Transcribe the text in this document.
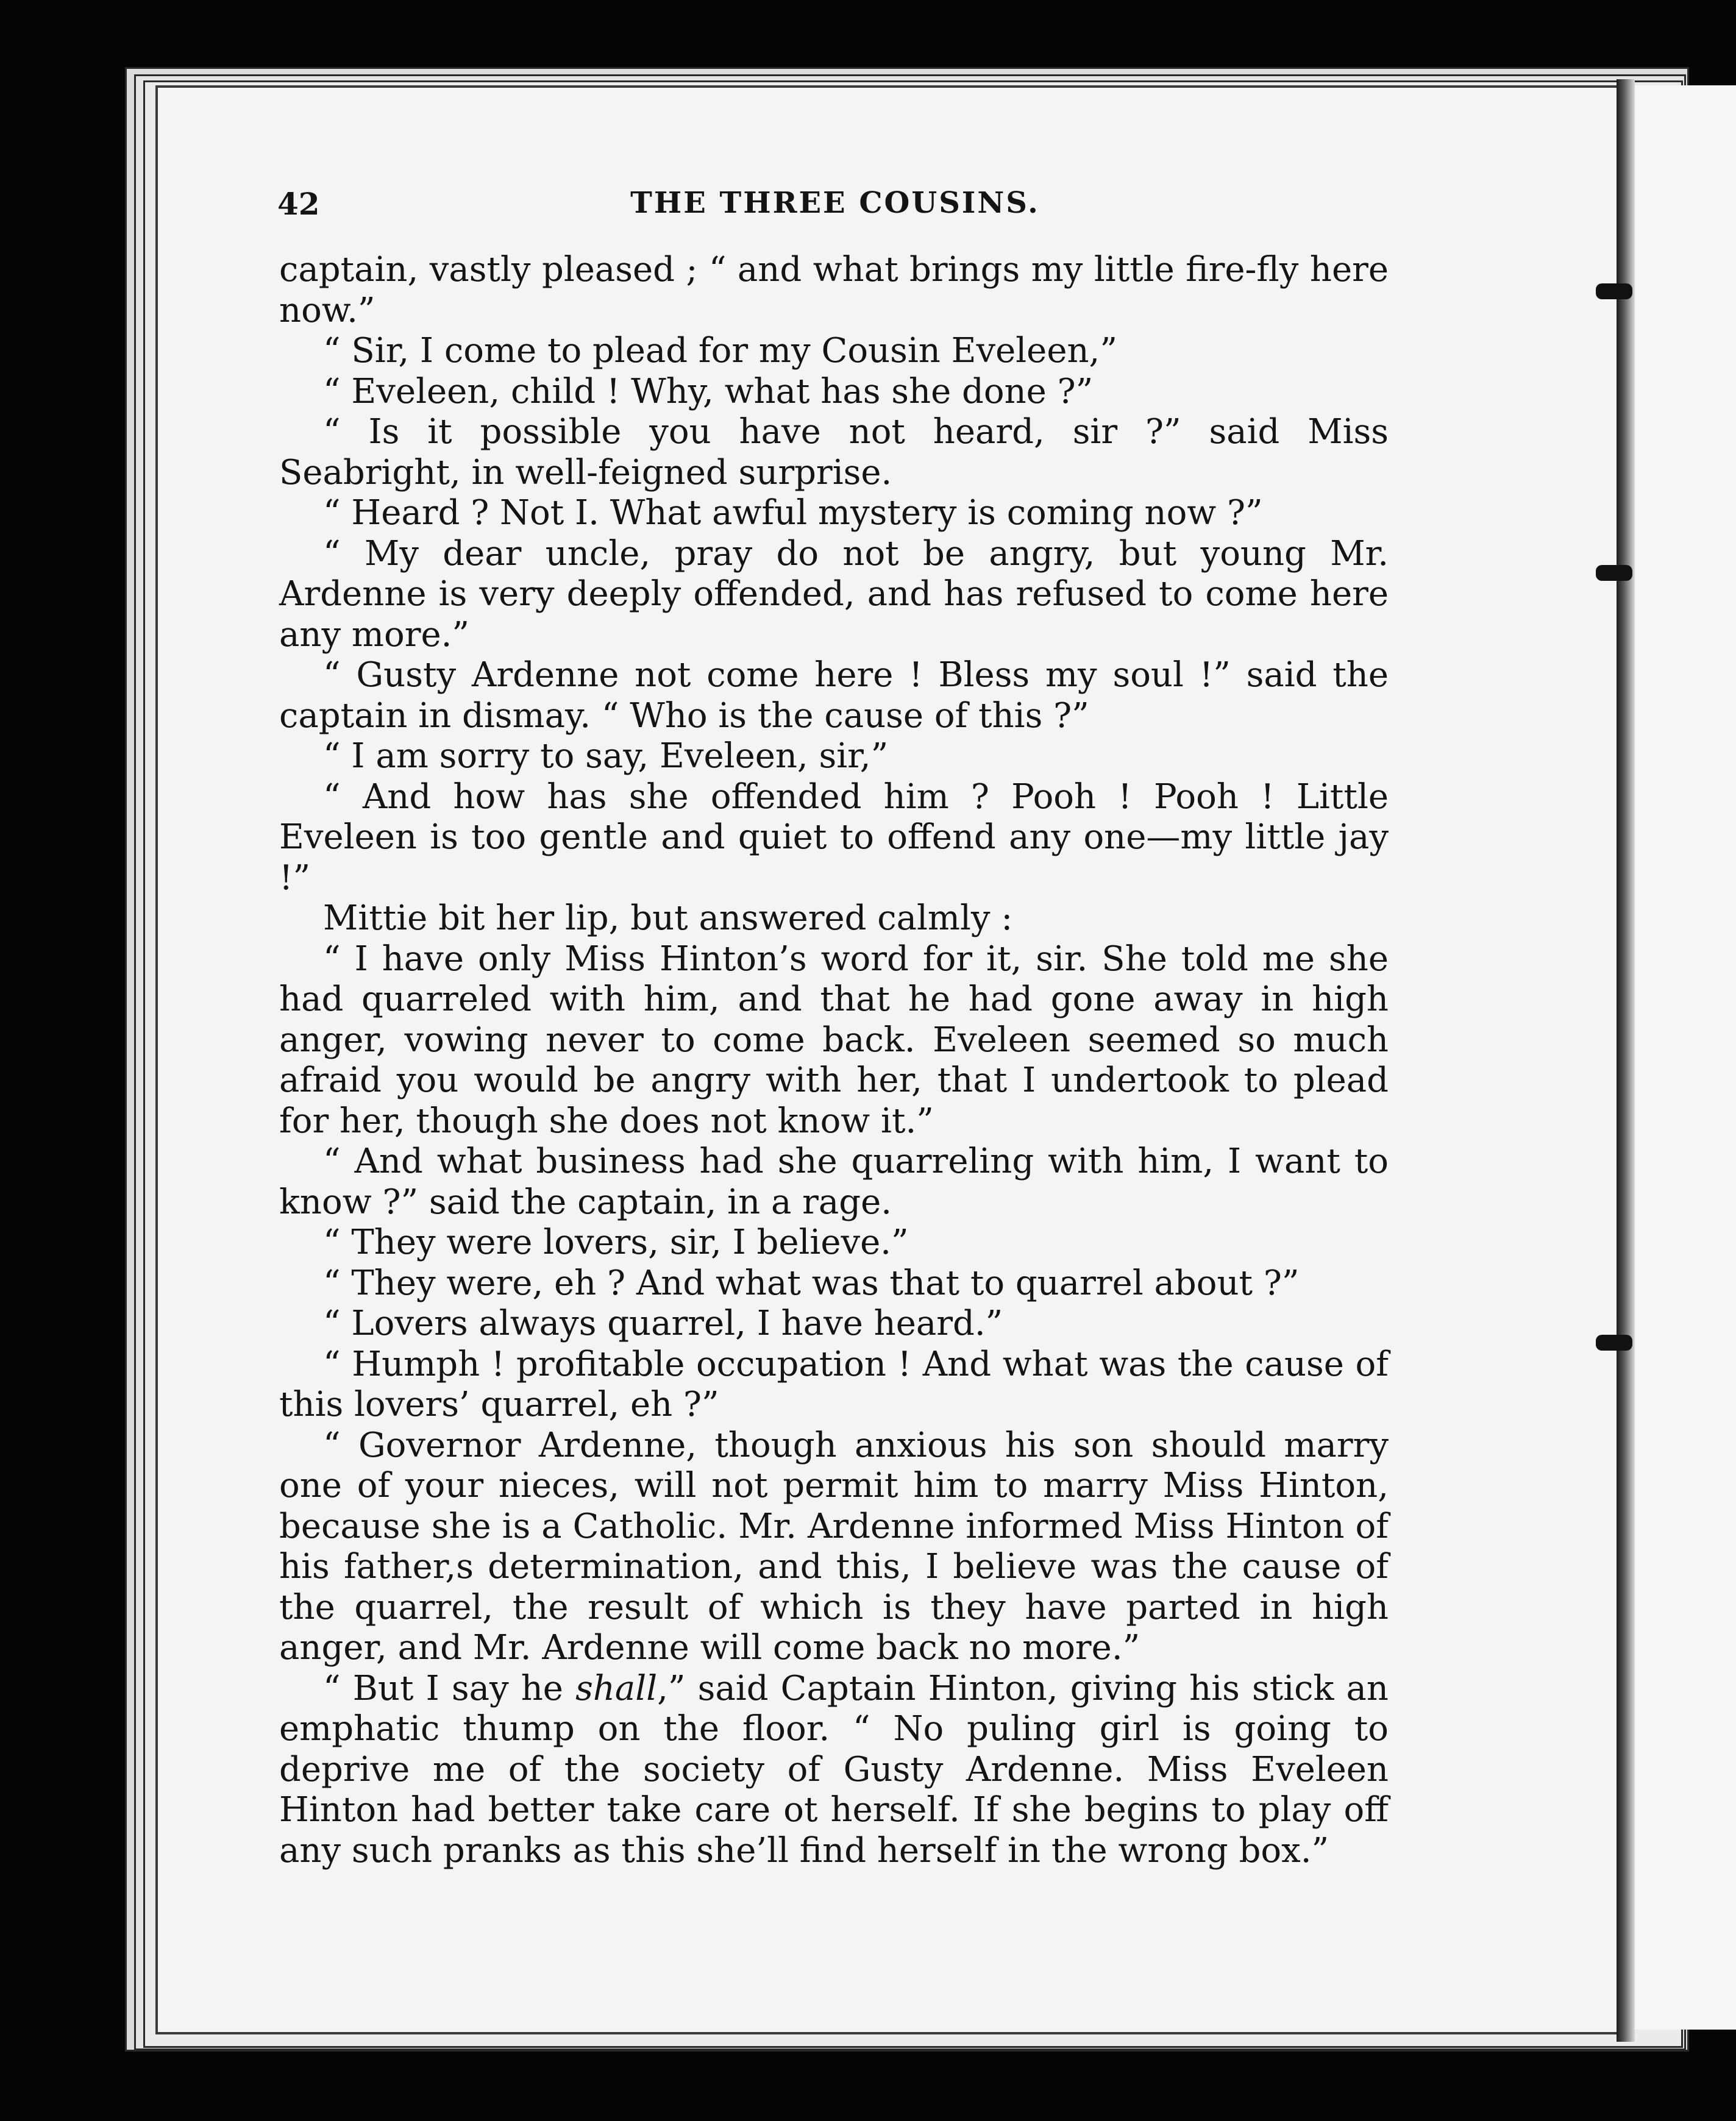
42	THE THREE COUSINS.

captain, vastly pleased ; “ and what brings my little fire-fly here now.”

“ Sir, I come to plead for my Cousin Eveleen,”

“ Eveleen, child ! Why, what has she done ?”

“ Is it possible you have not heard, sir ?” said Miss Seabright, in well-feigned surprise.

“ Heard ? Not I. What awful mystery is coming now ?”

“ My dear uncle, pray do not be angry, but young Mr. Ardenne is very deeply offended, and has refused to come here any more.”

“ Gusty Ardenne not come here ! Bless my soul !” said the captain in dismay. “ Who is the cause of this ?”

“ I am sorry to say, Eveleen, sir,”

“ And how has she offended him ? Pooh ! Pooh ! Little Eveleen is too gentle and quiet to offend any one—my little jay !”

Mittie bit her lip, but answered calmly :

“ I have only Miss Hinton’s word for it, sir. She told me she had quarreled with him, and that he had gone away in high anger, vowing never to come back. Eveleen seemed so much afraid you would be angry with her, that I undertook to plead for her, though she does not know it.”

“ And what business had she quarreling with him, I want to know ?” said the captain, in a rage.

“ They were lovers, sir, I believe.”

“ They were, eh ? And what was that to quarrel about ?”

“ Lovers always quarrel, I have heard.”

“ Humph ! profitable occupation ! And what was the cause of this lovers’ quarrel, eh ?”

“ Governor Ardenne, though anxious his son should marry one of your nieces, will not permit him to marry Miss Hinton, because she is a Catholic. Mr. Ardenne informed Miss Hinton of his father,s determination, and this, I believe was the cause of the quarrel, the result of which is they have parted in high anger, and Mr. Ardenne will come back no more.”

“ But I say he shall,” said Captain Hinton, giving his stick an emphatic thump on the floor. “ No puling girl is going to deprive me of the society of Gusty Ardenne. Miss Eveleen Hinton had better take care ot herself. If she begins to play off any such pranks as this she’ll find herself in the wrong box.”
